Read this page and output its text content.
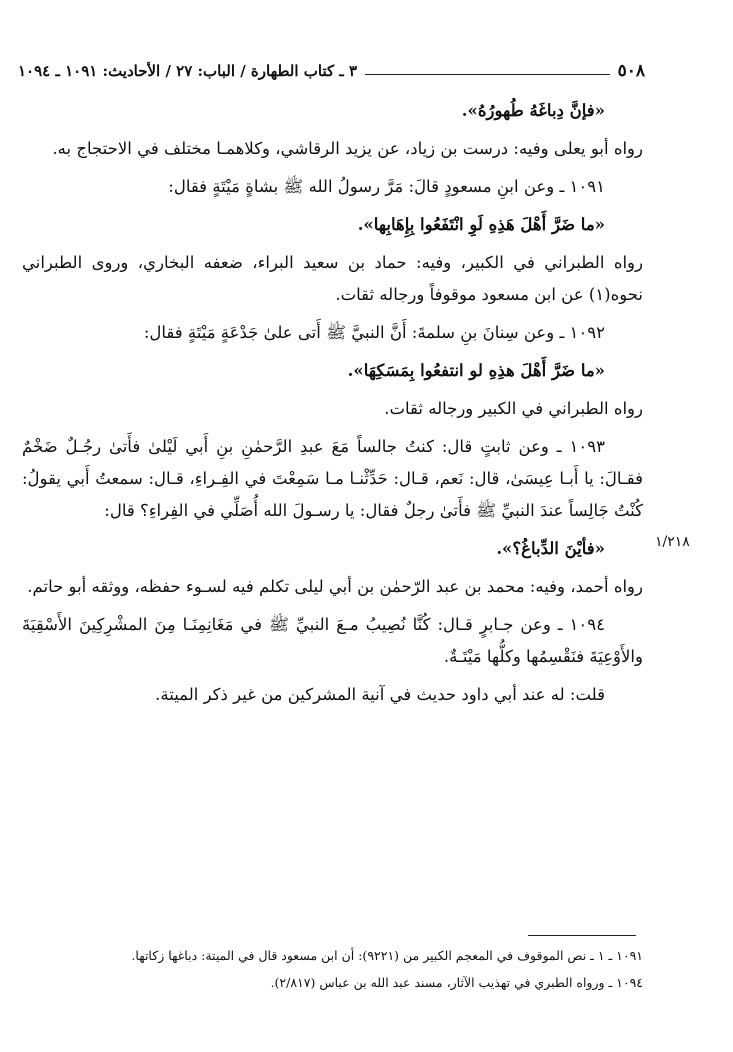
٥٠٨
٣ ـ كتاب الطهارة / الباب: ٢٧ / الأحاديث: ١٠٩١ ـ ١٠٩٤
١/٢١٨

«فإنَّ دِباغَهُ طُهورُهُ».

رواه أبو يعلى وفيه: درست بن زياد، عن يزيد الرقاشي، وكلاهمـا مختلف في الاحتجاج به.

١٠٩١ ـ وعن ابنِ مسعودٍ قالَ: مَرَّ رسولُ الله ﷺ بشاةٍ مَيْتَةٍ فقال:

«ما ضَرَّ أَهْلَ هَذِهِ لَوِ انْتَفَعُوا بِإِهَابِها».

رواه الطبراني في الكبير، وفيه: حماد بن سعيد البراء، ضعفه البخاري، وروى الطبراني نحوه(١) عن ابن مسعود موقوفاً ورجاله ثقات.

١٠٩٢ ـ وعن سِنانَ بنِ سلمةَ: أَنَّ النبيَّ ﷺ أَتى علىٰ جَدْعَةٍ مَيْتَةٍ فقال:

«ما ضَرَّ أَهْلَ هذِهِ لو انتفعُوا بِمَسَكِهَا».

رواه الطبراني في الكبير ورجاله ثقات.

١٠٩٣ ـ وعن ثابتٍ قال: كنتُ جالساً مَعَ عبدِ الرَّحمٰنِ بنِ أَبي لَيْلىٰ فأَتىٰ رجُـلٌ ضَخْمٌ فقـالَ: يا أَبـا عِيسَىٰ، قال: نَعم، قـال: حَدِّثْنـا مـا سَمِعْتَ في الفِـراءِ، قـال: سمعتُ أَبي يقولُ: كُنْتُ جَالِساً عندَ النبيِّ ﷺ فأَتىٰ رجلٌ فقال: يا رسـولَ الله أُصَلِّي في الفِراءِ؟ قال:

«فأيْنَ الدِّباغُ؟».

رواه أحمد، وفيه: محمد بن عبد الرّحمٰن بن أبي ليلى تكلم فيه لسـوء حفظه، ووثقه أبو حاتم.

١٠٩٤ ـ وعن جـابرٍ قـال: كُنَّا نُصِيبُ مـعَ النبيِّ ﷺ في مَغَانِمِنَـا مِنَ المشْرِكِينَ الأَسْقِيَةَ والأَوْعِيَةَ فنَقْسِمُها وكلُّها مَيْتَـةٌ.

قلت: له عند أبي داود حديث في آنية المشركين من غير ذكر الميتة.

١٠٩١ ـ ١ ـ نص الموقوف في المعجم الكبير من (٩٢٢١): أن ابن مسعود قال في الميتة: دباغها زكاتها.

١٠٩٤ ـ ورواه الطبري في تهذيب الآثار، مسند عبد الله بن عباس (٢/٨١٧).
